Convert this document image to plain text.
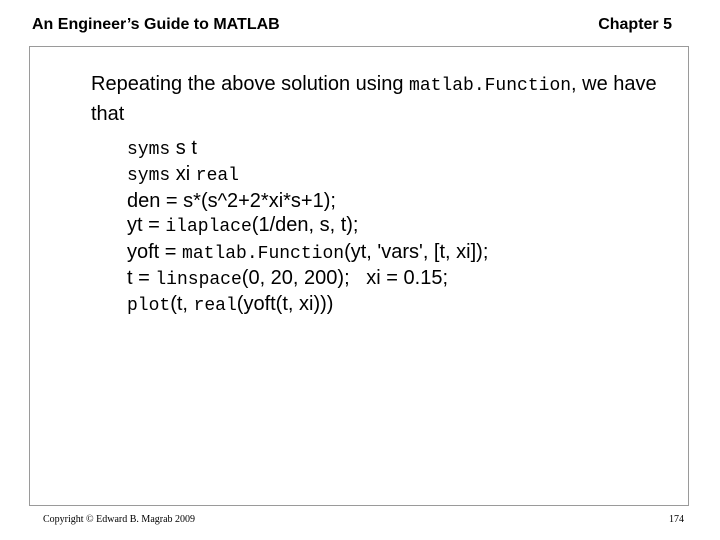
An Engineer’s Guide to MATLAB	Chapter 5
Repeating the above solution using matlab.Function, we have that
syms s t
syms xi real
den = s*(s^2+2*xi*s+1);
yt = ilaplace(1/den, s, t);
yoft = matlab.Function(yt, 'vars', [t, xi]);
t = linspace(0, 20, 200);   xi = 0.15;
plot(t, real(yoft(t, xi)))
Copyright © Edward B. Magrab 2009	174
